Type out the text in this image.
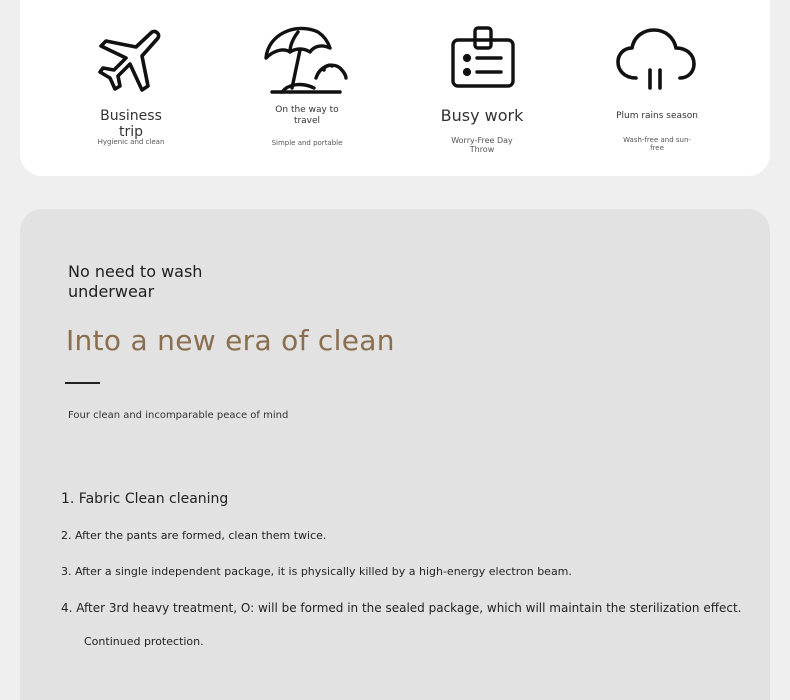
Business trip
Hygienic and clean
On the way to travel
Simple and portable
Busy work
Worry-Free Day Throw
Plum rains season
Wash-free and sun-free
No need to wash underwear
Into a new era of clean
Four clean and incomparable peace of mind
1. Fabric Clean cleaning
2. After the pants are formed, clean them twice.
3. After a single independent package, it is physically killed by a high-energy electron beam.
4. After 3rd heavy treatment, O: will be formed in the sealed package, which will maintain the sterilization effect.
Continued protection.
